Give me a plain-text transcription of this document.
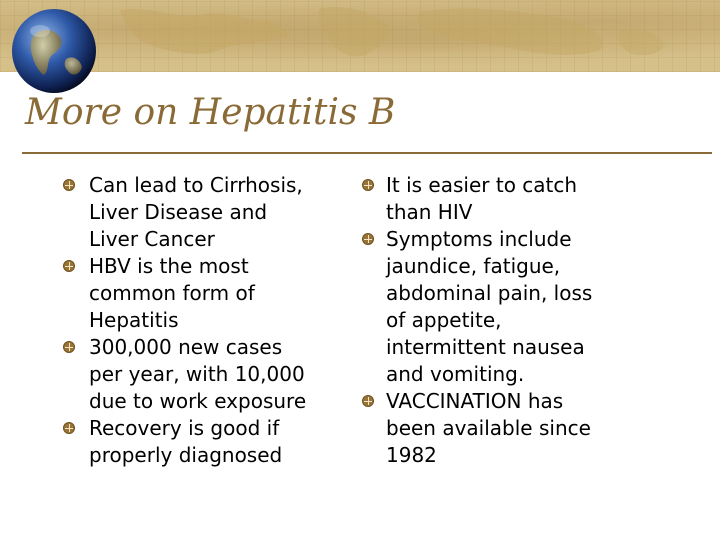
More on Hepatitis B
Can lead to Cirrhosis,
Liver Disease and
Liver Cancer
HBV is the most
common form of
Hepatitis
300,000 new cases
per year, with 10,000
due to work exposure
Recovery is good if
properly diagnosed
It is easier to catch
than HIV
Symptoms include
jaundice, fatigue,
abdominal pain, loss
of appetite,
intermittent nausea
and vomiting.
VACCINATION has
been available since
1982
